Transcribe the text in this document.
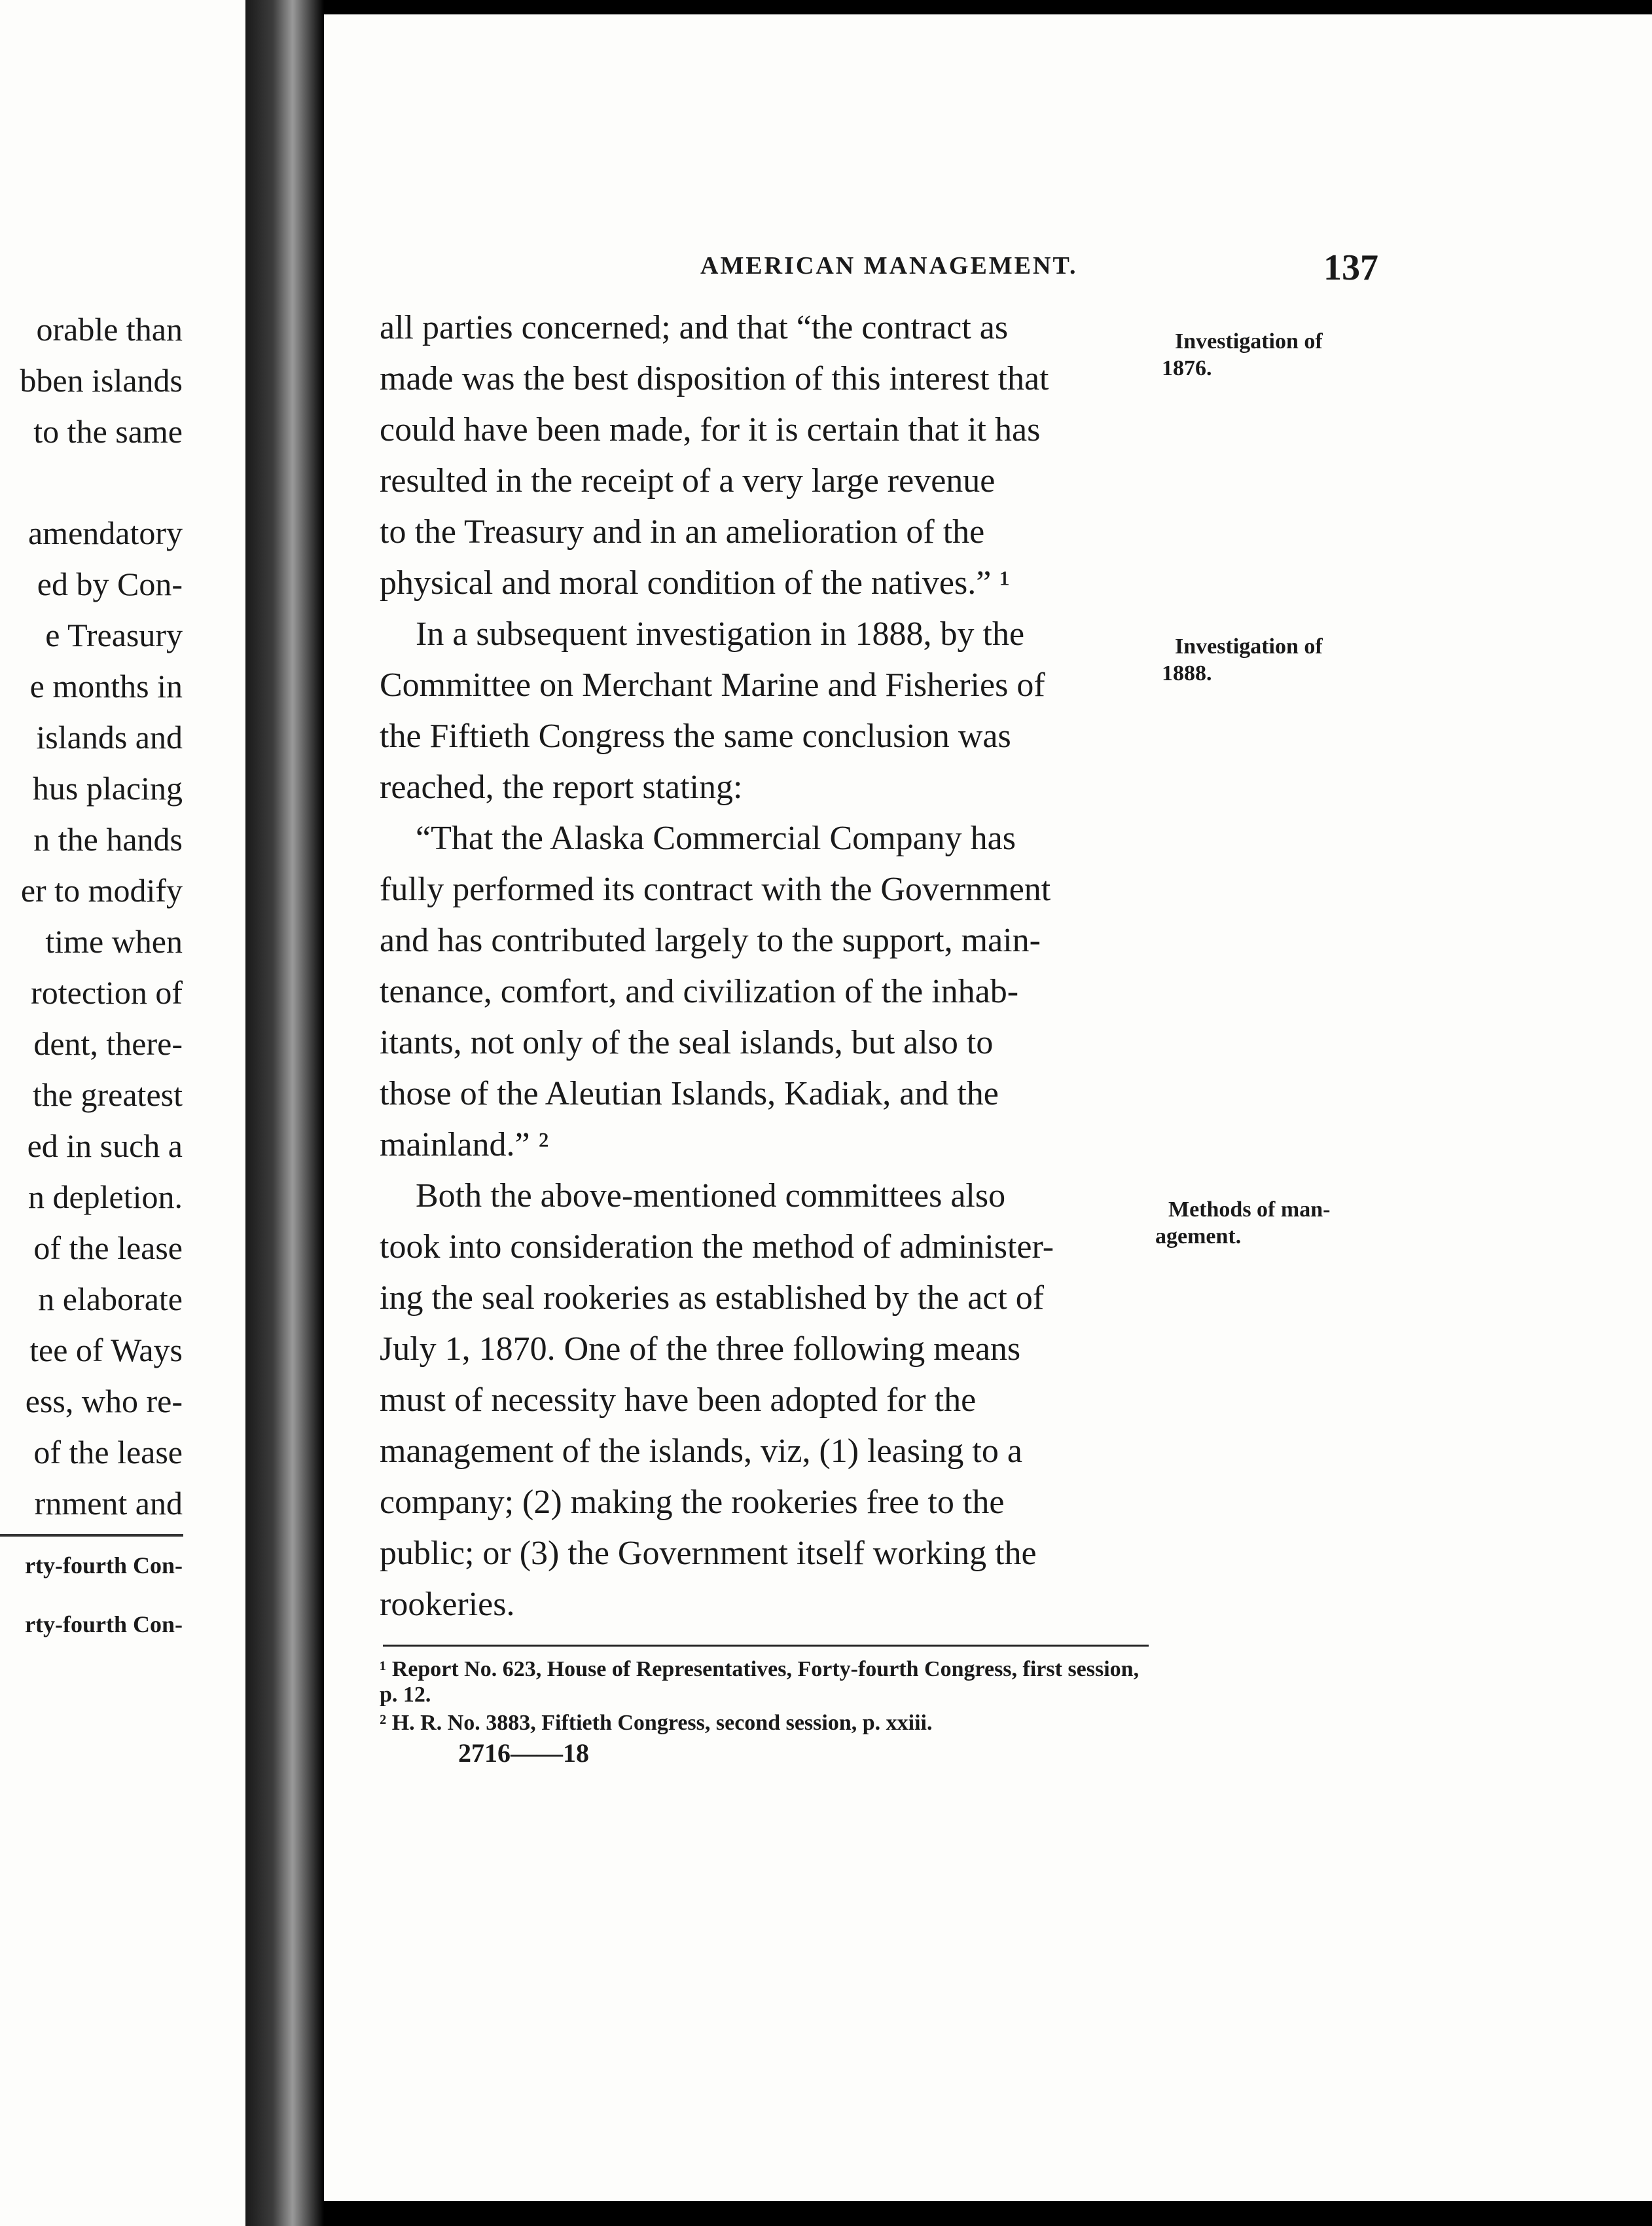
orable than
bben islands
to the same
amendatory
ed by Con-
e Treasury
e months in
islands and
hus placing
n the hands
er to modify
time when
rotection of
dent, there-
the greatest
ed in such a
n depletion.
of the lease
n elaborate
tee of Ways
ess, who re-
of the lease
rnment and
rty-fourth Con-
rty-fourth Con-
AMERICAN MANAGEMENT.	137
all parties concerned; and that “the contract as
made was the best disposition of this interest that
could have been made, for it is certain that it has
resulted in the receipt of a very large revenue
to the Treasury and in an amelioration of the
physical and moral condition of the natives.” ¹
In a subsequent investigation in 1888, by the
Committee on Merchant Marine and Fisheries of
the Fiftieth Congress the same conclusion was
reached, the report stating:
“That the Alaska Commercial Company has
fully performed its contract with the Government
and has contributed largely to the support, main-
tenance, comfort, and civilization of the inhab-
itants, not only of the seal islands, but also to
those of the Aleutian Islands, Kadiak, and the
mainland.” ²
Both the above-mentioned committees also
took into consideration the method of administer-
ing the seal rookeries as established by the act of
July 1, 1870. One of the three following means
must of necessity have been adopted for the
management of the islands, viz, (1) leasing to a
company; (2) making the rookeries free to the
public; or (3) the Government itself working the
rookeries.
Investigation of
1876.
Investigation of
1888.
Methods of man-
agement.
¹ Report No. 623, House of Representatives, Forty-fourth Congress, first session, p. 12.
² H. R. No. 3883, Fiftieth Congress, second session, p. xxiii.
2716——18
